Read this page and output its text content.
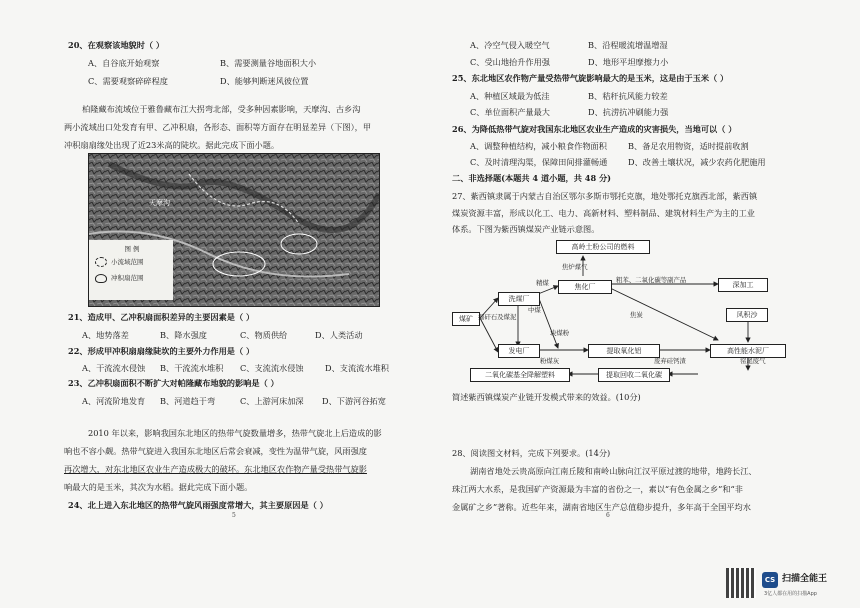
20、在观察该地貌时（ ）
A、自谷底开始观察	B、需要测量谷地面积大小
C、需要观察碎碎程度	D、能够判断迷风彼位置
柏隆藏布流域位于雅鲁藏布江大拐弯北部，受多种因素影响，天摩沟、古乡沟
两小流域出口处发育有甲、乙冲积扇，各形态、面积等方面存在明显差异（下图），甲
冲积扇扇缘处出现了近23米高的陡坎。据此完成下面小题。
天摩沟
图 例
小流域范围
冲积扇范围
21、造成甲、乙冲积扇面积差异的主要因素是（ ）
A、地势落差	B、降水强度	C、物质供给	D、人类活动
22、形成甲冲积扇扇缘陡坎的主要外力作用是（ ）
A、干流流水侵蚀 B、干流流水堆积 C、支流流水侵蚀	D、支流流水堆积
23、乙冲积扇面积不断扩大对帕隆藏布地貌的影响是（ ）
A、河流阶地发育 B、河道趋于弯	C、上游河床加深 D、下游河谷拓宽
2010 年以来，影响我国东北地区的热带气旋数量增多，热带气旋北上后造成的影
响也不容小觑。热带气旋进入我国东北地区后常会衰减，变性为温带气旋，风雨强度
再次增大，对东北地区农业生产造成极大的破坏。东北地区农作物产量受热带气旋影
响最大的是玉米，其次为水稻。据此完成下面小题。
24、北上进入东北地区的热带气旋风雨强度常增大，其主要原因是（ ）
5
A、冷空气侵入暖空气	B、沿程暖流增温增湿
C、受山地抬升作用强	D、地形平坦摩擦力小
25、东北地区农作物产量受热带气旋影响最大的是玉米，这是由于玉米（ ）
A、种植区域最为低洼	B、秸秆抗风能力较差
C、单位面积产量最大	D、抗涝抗冲刷能力强
26、为降低热带气旋对我国东北地区农业生产造成的灾害损失，当地可以（ ）
A、调整种植结构，减小粮食作物面积	B、备足农用物资，适时提前收割
C、及时清理沟渠，保障田间排灌畅通	D、改善土壤状况，减少农药化肥施用
二、非选择题(本题共 4 道小题，共 48 分)
27、紫西镇隶属于内蒙古自治区鄂尔多斯市鄂托克旗，地处鄂托克旗西北部，紫西镇
煤炭资源丰富，形成以化工、电力、高新材料、塑料制品、建筑材料生产为主的工业
体系。下图为紫西镇煤炭产业链示意图。
高岭土粉公司的燃料
煤矿
洗煤厂
焦化厂
发电厂	提取氧化铝	高性能水泥厂
二氧化碳基全降解塑料	提取回收二氧化碳
深加工
风积沙
焦炉煤气
精煤	粗苯、二氧化碳等副产品
掘矸石及煤泥
中煤
块煤粉
焦炭
粉煤灰	废弃硅钙渣	窑尾废气
简述紫西镇煤炭产业链开发模式带来的效益。(10分)
28、阅读图文材料，完成下列要求。(14分)
湖南省地处云贵高原向江南丘陵和南岭山脉向江汉平原过渡的地带，地跨长江、
珠江两大水系，是我国矿产资源最为丰富的省份之一，素以“有色金属之乡”和“非
金属矿之乡”著称。近些年来，湖南省地区生产总值稳步提升，多年高于全国平均水
6
CS 扫描全能王
3亿人都在用的扫描App
